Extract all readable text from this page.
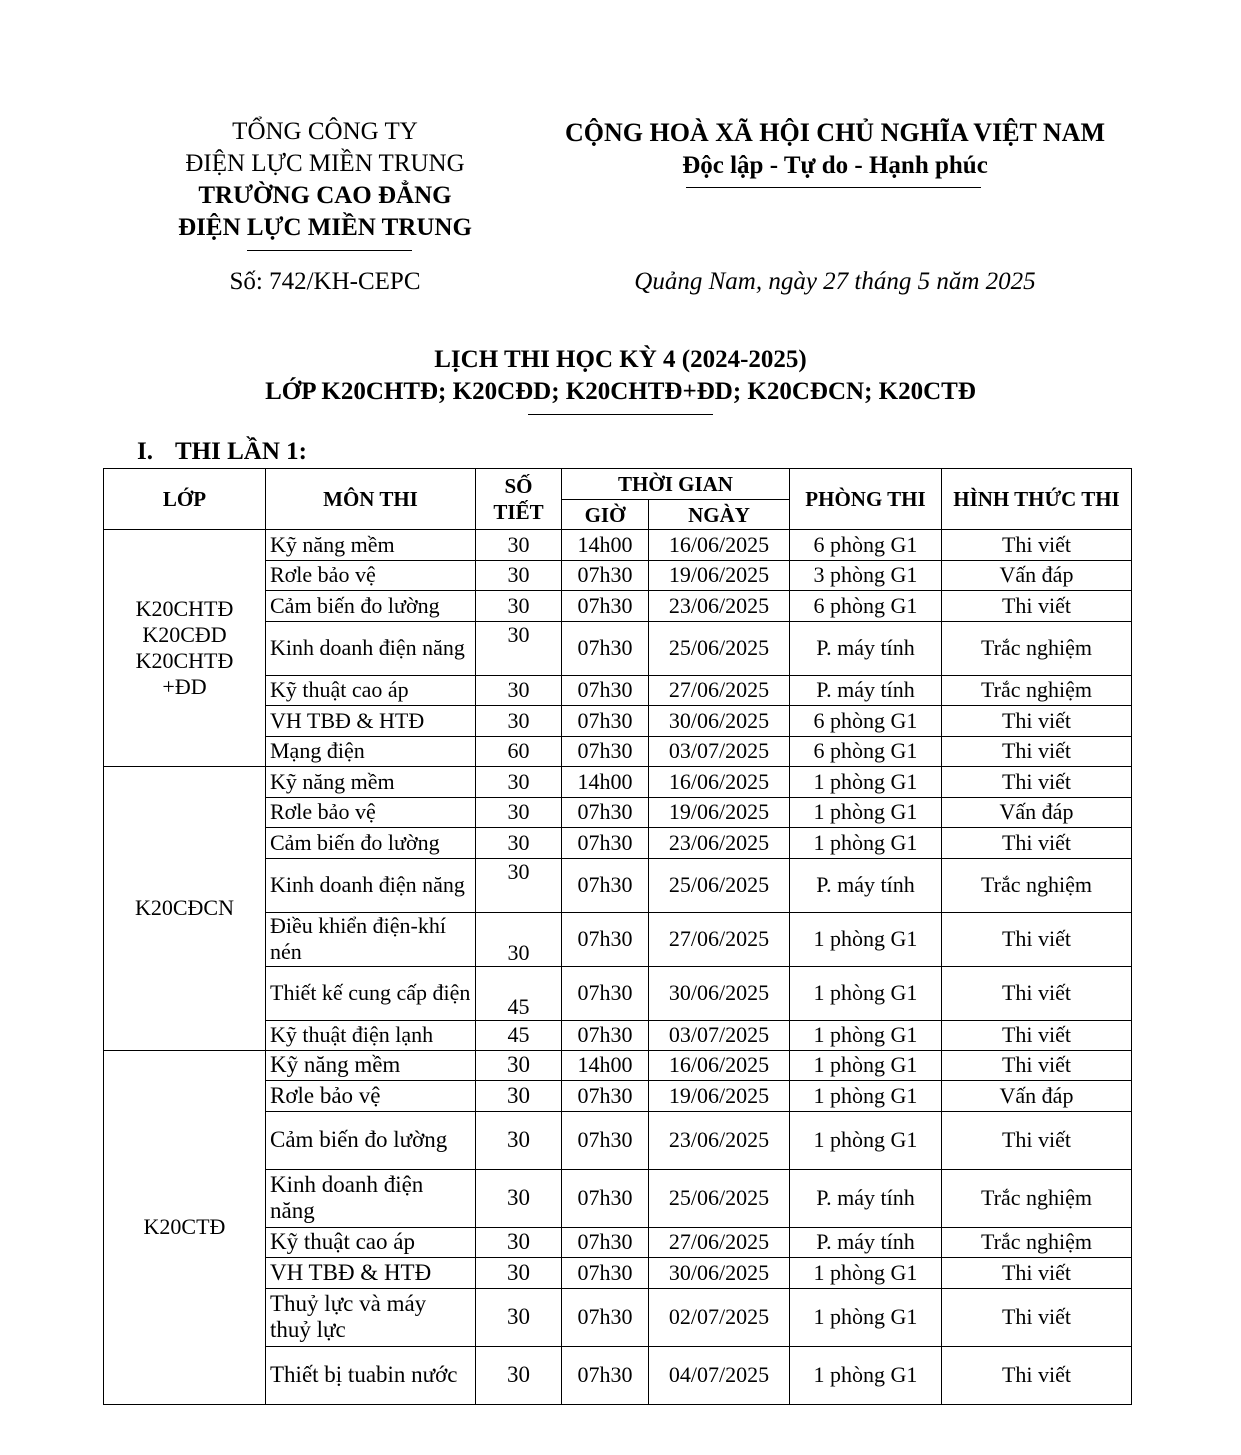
TỔNG CÔNG TY
ĐIỆN LỰC MIỀN TRUNG
TRƯỜNG CAO ĐẲNG
ĐIỆN LỰC MIỀN TRUNG
CỘNG HOÀ XÃ HỘI CHỦ NGHĨA VIỆT NAM
Độc lập - Tự do - Hạnh phúc
Số: 742/KH-CEPC	Quảng Nam, ngày 27 tháng 5 năm 2025
LỊCH THI HỌC KỲ 4 (2024-2025)
LỚP K20CHTĐ; K20CĐD; K20CHTĐ+ĐD; K20CĐCN; K20CTĐ
I. THI LẦN 1:
LỚP	MÔN THI	SỐ TIẾT	THỜI GIAN		PHÒNG THI	HÌNH THỨC THI
			GIỜ	NGÀY		
K20CHTĐ K20CĐD K20CHTĐ +ĐD	Kỹ năng mềm	30	14h00	16/06/2025	6 phòng G1	Thi viết
	Rơle bảo vệ	30	07h30	19/06/2025	3 phòng G1	Vấn đáp
	Cảm biến đo lường	30	07h30	23/06/2025	6 phòng G1	Thi viết
	Kinh doanh điện năng	30	07h30	25/06/2025	P. máy tính	Trắc nghiệm
	Kỹ thuật cao áp	30	07h30	27/06/2025	P. máy tính	Trắc nghiệm
	VH TBĐ & HTĐ	30	07h30	30/06/2025	6 phòng G1	Thi viết
	Mạng điện	60	07h30	03/07/2025	6 phòng G1	Thi viết
K20CĐCN	Kỹ năng mềm	30	14h00	16/06/2025	1 phòng G1	Thi viết
	Rơle bảo vệ	30	07h30	19/06/2025	1 phòng G1	Vấn đáp
	Cảm biến đo lường	30	07h30	23/06/2025	1 phòng G1	Thi viết
	Kinh doanh điện năng	30	07h30	25/06/2025	P. máy tính	Trắc nghiệm
	Điều khiển điện-khí nén	30	07h30	27/06/2025	1 phòng G1	Thi viết
	Thiết kế cung cấp điện	45	07h30	30/06/2025	1 phòng G1	Thi viết
	Kỹ thuật điện lạnh	45	07h30	03/07/2025	1 phòng G1	Thi viết
K20CTĐ	Kỹ năng mềm	30	14h00	16/06/2025	1 phòng G1	Thi viết
	Rơle bảo vệ	30	07h30	19/06/2025	1 phòng G1	Vấn đáp
	Cảm biến đo lường	30	07h30	23/06/2025	1 phòng G1	Thi viết
	Kinh doanh điện năng	30	07h30	25/06/2025	P. máy tính	Trắc nghiệm
	Kỹ thuật cao áp	30	07h30	27/06/2025	P. máy tính	Trắc nghiệm
	VH TBĐ & HTĐ	30	07h30	30/06/2025	1 phòng G1	Thi viết
	Thuỷ lực và máy thuỷ lực	30	07h30	02/07/2025	1 phòng G1	Thi viết
	Thiết bị tuabin nước	30	07h30	04/07/2025	1 phòng G1	Thi viết
